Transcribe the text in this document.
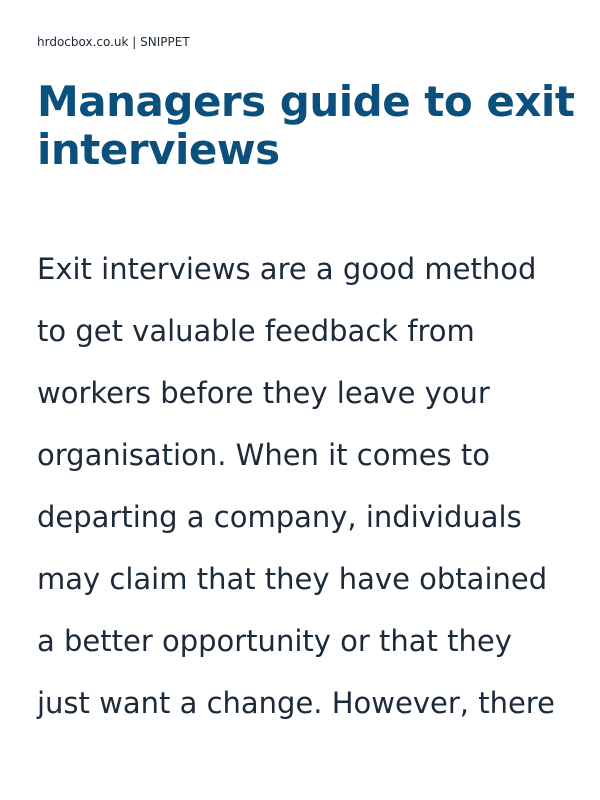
hrdocbox.co.uk | SNIPPET
Managers guide to exit interviews

Exit interviews are a good method
to get valuable feedback from
workers before they leave your
organisation. When it comes to
departing a company, individuals
may claim that they have obtained
a better opportunity or that they
just want a change. However, there
